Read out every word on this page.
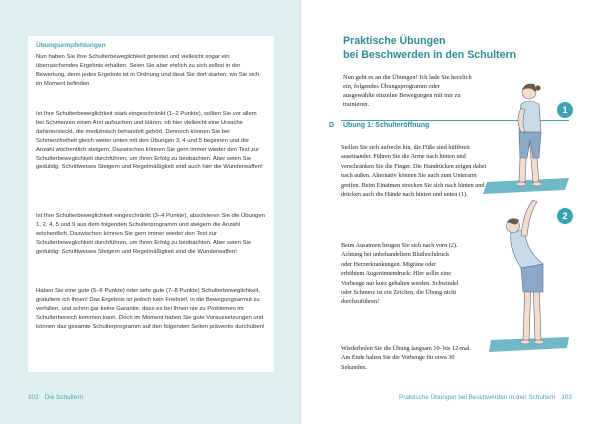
Übungsempfehlungen

Nun haben Sie Ihre Schulterbeweglichkeit getestet und vielleicht sogar ein überraschendes Ergebnis erhalten. Seien Sie aber ehrlich zu sich selbst in der Bewertung, denn jedes Ergebnis ist in Ordnung und lässt Sie dort starten, wo Sie sich im Moment befinden.

Ist Ihre Schulterbeweglichkeit stark eingeschränkt (1–2 Punkte), sollten Sie vor allem bei Schmerzen einen Arzt aufsuchen und klären, ob hier vielleicht eine Ursache dahintersteckt, die medizinisch behandelt gehört. Dennoch können Sie bei Schmerzfreiheit gleich weiter unten mit den Übungen 3, 4 und 5 beginnen und die Anzahl wöchentlich steigern. Dazwischen können Sie gern immer wieder den Test zur Schulterbeweglichkeit durchführen, um Ihren Erfolg zu beobachten. Aber seien Sie geduldig: Schrittweises Steigern und Regelmäßigkeit sind auch hier die Wunderwaffen!

Ist Ihre Schulterbeweglichkeit eingeschränkt (3–4 Punkte), absolvieren Sie die Übungen 1, 2, 4, 5 und 9 aus dem folgenden Schulterprogramm und steigern die Anzahl wöchentlich. Dazwischen können Sie gern immer wieder den Test zur Schulterbeweglichkeit durchführen, um Ihren Erfolg zu beobachten. Aber seien Sie geduldig: Schrittweises Steigern und Regelmäßigkeit sind die Wunderwaffen!

Haben Sie eine gute (5–6 Punkte) oder sehr gute (7–8 Punkte) Schulterbeweglichkeit, gratuliere ich Ihnen! Das Ergebnis ist jedoch kein Freibrief, in die Bewegungsarmut zu verfallen, und schon gar keine Garantie, dass es bei Ihnen nie zu Problemen im Schulterbereich kommen kann. Doch im Moment haben Sie gute Voraussetzungen und können das gesamte Schulterprogramm auf den folgenden Seiten präventiv durchüben!

102 Die Schultern
Praktische Übungen
bei Beschwerden in den Schultern

Nun geht es an die Übungen! Ich lade Sie herzlich ein, folgendes Übungsprogramm oder ausgewählte einzelne Bewegungen mit mir zu trainieren.

D Übung 1: Schulteröffnung

Stellen Sie sich aufrecht hin, die Füße sind hüftbreit auseinander. Führen Sie die Arme nach hinten und verschränken Sie die Finger. Die Handrücken zeigen dabei nach außen. Alternativ können Sie auch zum Unterarm greifen. Beim Einatmen strecken Sie sich nach hinten und drücken auch die Hände nach hinten und unten (1).

Beim Ausatmen beugen Sie sich nach vorn (2). Achtung bei unbehandeltem Bluthochdruck oder Herzerkrankungen. Migräne oder erhöhtem Augeninnendruck: Hier sollte eine Vorbeuge nur kurz gehalten werden. Schwindel oder Schmerz ist ein Zeichen, die Übung nicht durchzuführen!

Wiederholen Sie die Übung langsam 10- bis 12-mal. Am Ende halten Sie die Vorbeuge für etwa 30 Sekunden.

1
2
Praktische Übungen bei Beschwerden in den Schultern 103
